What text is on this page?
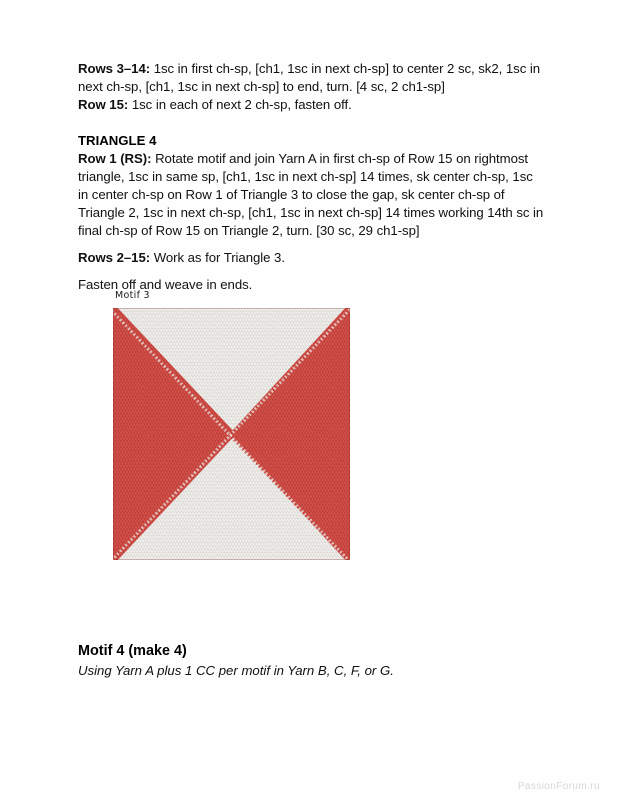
Rows 3–14: 1sc in first ch-sp, [ch1, 1sc in next ch-sp] to center 2 sc, sk2, 1sc in next ch-sp, [ch1, 1sc in next ch-sp] to end, turn. [4 sc, 2 ch1-sp]

Row 15: 1sc in each of next 2 ch-sp, fasten off.

TRIANGLE 4

Row 1 (RS): Rotate motif and join Yarn A in first ch-sp of Row 15 on rightmost triangle, 1sc in same sp, [ch1, 1sc in next ch-sp] 14 times, sk center ch-sp, 1sc in center ch-sp on Row 1 of Triangle 3 to close the gap, sk center ch-sp of Triangle 2, 1sc in next ch-sp, [ch1, 1sc in next ch-sp] 14 times working 14th sc in final ch-sp of Row 15 on Triangle 2, turn. [30 sc, 29 ch1-sp]

Rows 2–15: Work as for Triangle 3.

Fasten off and weave in ends.

Motif 3

Motif 4 (make 4)

Using Yarn A plus 1 CC per motif in Yarn B, C, F, or G.

PassionForum.ru
